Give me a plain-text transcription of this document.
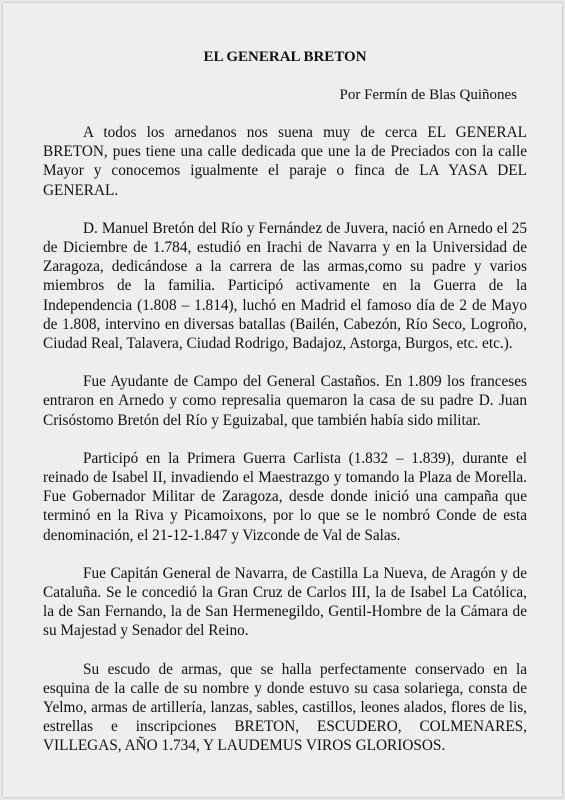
EL GENERAL BRETON

Por Fermín de Blas Quiñones

A todos los arnedanos nos suena muy de cerca EL GENERAL BRETON, pues tiene una calle dedicada que une la de Preciados con la calle Mayor y conocemos igualmente el paraje o finca de LA YASA DEL GENERAL.

D. Manuel Bretón del Río y Fernández de Juvera, nació en Arnedo el 25 de Diciembre de 1.784, estudió en Irachi de Navarra y en la Universidad de Zaragoza, dedicándose a la carrera de las armas,como su padre y varios miembros de la familia. Participó activamente en la Guerra de la Independencia (1.808 – 1.814), luchó en Madrid el famoso día de 2 de Mayo de 1.808, intervino en diversas batallas (Bailén, Cabezón, Río Seco, Logroño, Ciudad Real, Talavera, Ciudad Rodrigo, Badajoz, Astorga, Burgos, etc. etc.).

Fue Ayudante de Campo del General Castaños. En 1.809 los franceses entraron en Arnedo y como represalia quemaron la casa de su padre D. Juan Crisóstomo Bretón del Río y Eguizabal, que también había sido militar.

Participó en la Primera Guerra Carlista (1.832 – 1.839), durante el reinado de Isabel II, invadiendo el Maestrazgo y tomando la Plaza de Morella. Fue Gobernador Militar de Zaragoza, desde donde inició una campaña que terminó en la Riva y Picamoixons, por lo que se le nombró Conde de esta denominación, el 21-12-1.847 y Vizconde de Val de Salas.

Fue Capitán General de Navarra, de Castilla La Nueva, de Aragón y de Cataluña. Se le concedió la Gran Cruz de Carlos III, la de Isabel La Católica, la de San Fernando, la de San Hermenegildo, Gentil-Hombre de la Cámara de su Majestad y Senador del Reino.

Su escudo de armas, que se halla perfectamente conservado en la esquina de la calle de su nombre y donde estuvo su casa solariega, consta de Yelmo, armas de artillería, lanzas, sables, castillos, leones alados, flores de lis, estrellas e inscripciones BRETON, ESCUDERO, COLMENARES, VILLEGAS, AÑO 1.734, Y LAUDEMUS VIROS GLORIOSOS.
